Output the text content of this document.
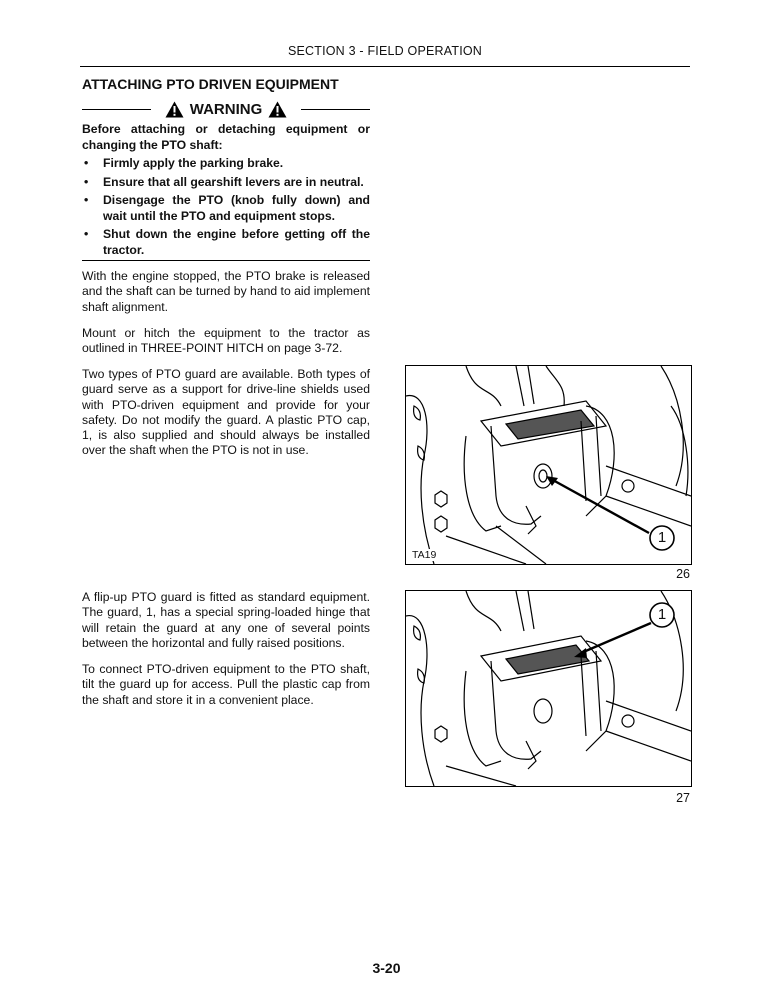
SECTION 3 - FIELD OPERATION
ATTACHING PTO DRIVEN EQUIPMENT
WARNING
Before attaching or detaching equipment or changing the PTO shaft:
• Firmly apply the parking brake.
• Ensure that all gearshift levers are in neutral.
• Disengage the PTO (knob fully down) and wait until the PTO and equipment stops.
• Shut down the engine before getting off the tractor.
With the engine stopped, the PTO brake is released and the shaft can be turned by hand to aid implement shaft alignment.
Mount or hitch the equipment to the tractor as outlined in THREE-POINT HITCH on page 3-72.
Two types of PTO guard are available. Both types of guard serve as a support for drive-line shields used with PTO-driven equipment and provide for your safety. Do not modify the guard. A plastic PTO cap, 1, is also supplied and should always be installed over the shaft when the PTO is not in use.
A flip-up PTO guard is fitted as standard equipment. The guard, 1, has a special spring-loaded hinge that will retain the guard at any one of several points between the horizontal and fully raised positions.
To connect PTO-driven equipment to the PTO shaft, tilt the guard up for access. Pull the plastic cap from the shaft and store it in a convenient place.
1
TA19
26
1
27
3-20
